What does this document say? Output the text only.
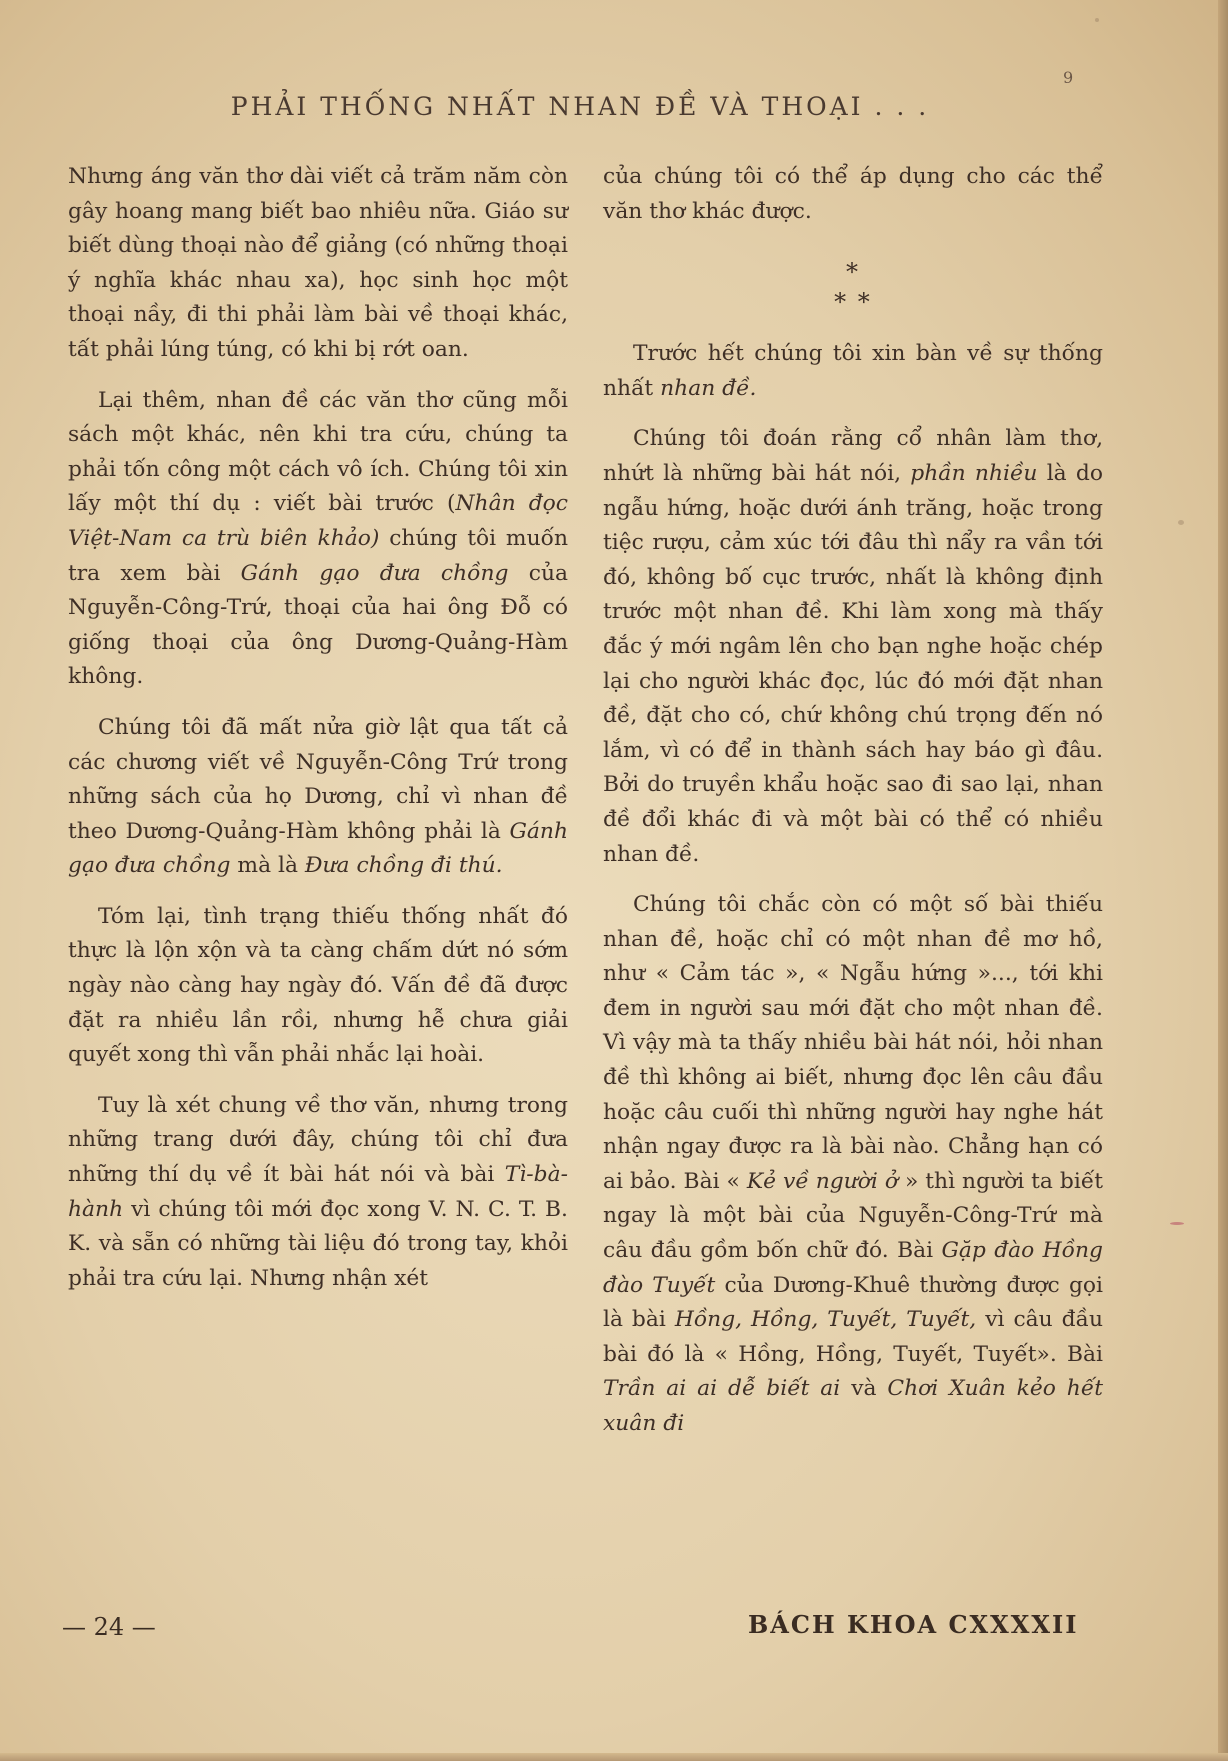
PHẢI THỐNG NHẤT NHAN ĐỀ VÀ THOẠI . . .
9

Nhưng áng văn thơ dài viết cả trăm năm còn gây hoang mang biết bao nhiêu nữa. Giáo sư biết dùng thoại nào để giảng (có những thoại ý nghĩa khác nhau xa), học sinh học một thoại nầy, đi thi phải làm bài về thoại khác, tất phải lúng túng, có khi bị rớt oan.

Lại thêm, nhan đề các văn thơ cũng mỗi sách một khác, nên khi tra cứu, chúng ta phải tốn công một cách vô ích. Chúng tôi xin lấy một thí dụ : viết bài trước (Nhân đọc Việt-Nam ca trù biên khảo) chúng tôi muốn tra xem bài Gánh gạo đưa chồng của Nguyễn-Công-Trứ, thoại của hai ông Đỗ có giống thoại của ông Dương-Quảng-Hàm không.

Chúng tôi đã mất nửa giờ lật qua tất cả các chương viết về Nguyễn-Công Trứ trong những sách của họ Dương, chỉ vì nhan đề theo Dương-Quảng-Hàm không phải là Gánh gạo đưa chồng mà là Đưa chồng đi thú.

Tóm lại, tình trạng thiếu thống nhất đó thực là lộn xộn và ta càng chấm dứt nó sớm ngày nào càng hay ngày đó. Vấn đề đã được đặt ra nhiều lần rồi, nhưng hễ chưa giải quyết xong thì vẫn phải nhắc lại hoài.

Tuy là xét chung về thơ văn, nhưng trong những trang dưới đây, chúng tôi chỉ đưa những thí dụ về ít bài hát nói và bài Tì-bà-hành vì chúng tôi mới đọc xong V. N. C. T. B. K. và sẵn có những tài liệu đó trong tay, khỏi phải tra cứu lại. Nhưng nhận xét

của chúng tôi có thể áp dụng cho các thể văn thơ khác được.

*
* *

Trước hết chúng tôi xin bàn về sự thống nhất nhan đề.

Chúng tôi đoán rằng cổ nhân làm thơ, nhứt là những bài hát nói, phần nhiều là do ngẫu hứng, hoặc dưới ánh trăng, hoặc trong tiệc rượu, cảm xúc tới đâu thì nẩy ra vần tới đó, không bố cục trước, nhất là không định trước một nhan đề. Khi làm xong mà thấy đắc ý mới ngâm lên cho bạn nghe hoặc chép lại cho người khác đọc, lúc đó mới đặt nhan đề, đặt cho có, chứ không chú trọng đến nó lắm, vì có để in thành sách hay báo gì đâu. Bởi do truyền khẩu hoặc sao đi sao lại, nhan đề đổi khác đi và một bài có thể có nhiều nhan đề.

Chúng tôi chắc còn có một số bài thiếu nhan đề, hoặc chỉ có một nhan đề mơ hồ, như « Cảm tác », « Ngẫu hứng »..., tới khi đem in người sau mới đặt cho một nhan đề. Vì vậy mà ta thấy nhiều bài hát nói, hỏi nhan đề thì không ai biết, nhưng đọc lên câu đầu hoặc câu cuối thì những người hay nghe hát nhận ngay được ra là bài nào. Chẳng hạn có ai bảo. Bài « Kẻ về người ở » thì người ta biết ngay là một bài của Nguyễn-Công-Trứ mà câu đầu gồm bốn chữ đó. Bài Gặp đào Hồng đào Tuyết của Dương-Khuê thường được gọi là bài Hồng, Hồng, Tuyết, Tuyết, vì câu đầu bài đó là « Hồng, Hồng, Tuyết, Tuyết». Bài Trần ai ai dễ biết ai và Chơi Xuân kẻo hết xuân đi

— 24 —	BÁCH KHOA CXXXXII
